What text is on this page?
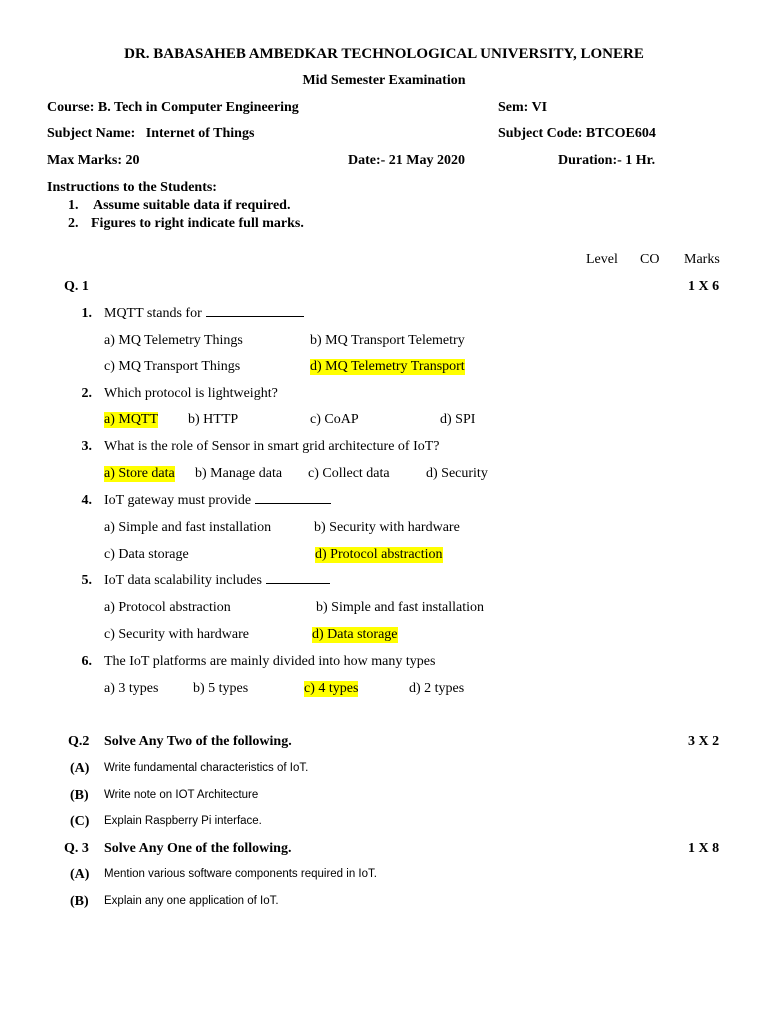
DR. BABASAHEB AMBEDKAR TECHNOLOGICAL UNIVERSITY, LONERE
Mid Semester Examination
Course: B. Tech in Computer Engineering	Sem: VI
Subject Name:   Internet of Things	Subject Code: BTCOE604
Max Marks: 20	Date:- 21 May 2020	Duration:- 1 Hr.
Instructions to the Students:
1. Assume suitable data if required.
2. Figures to right indicate full marks.
Level CO Marks
Q. 1	1 X 6
1. MQTT stands for
a) MQ Telemetry Things	b) MQ Transport Telemetry
c) MQ Transport Things	d) MQ Telemetry Transport
2. Which protocol is lightweight?
a) MQTT b) HTTP	c) CoAP	d) SPI
3. What is the role of Sensor in smart grid architecture of IoT?
a) Store data b) Manage data c) Collect data	d) Security
4. IoT gateway must provide
a) Simple and fast installation	b) Security with hardware
c) Data storage	d) Protocol abstraction
5. IoT data scalability includes
a) Protocol abstraction	b) Simple and fast installation
c) Security with hardware	d) Data storage
6. The IoT platforms are mainly divided into how many types
a) 3 types b) 5 types	c) 4 types	d) 2 types
Q.2 Solve Any Two of the following.	3 X 2
(A) Write fundamental characteristics of IoT.
(B) Write note on IOT Architecture
(C) Explain Raspberry Pi interface.
Q. 3 Solve Any One of the following.	1 X 8
(A) Mention various software components required in IoT.
(B) Explain any one application of IoT.
